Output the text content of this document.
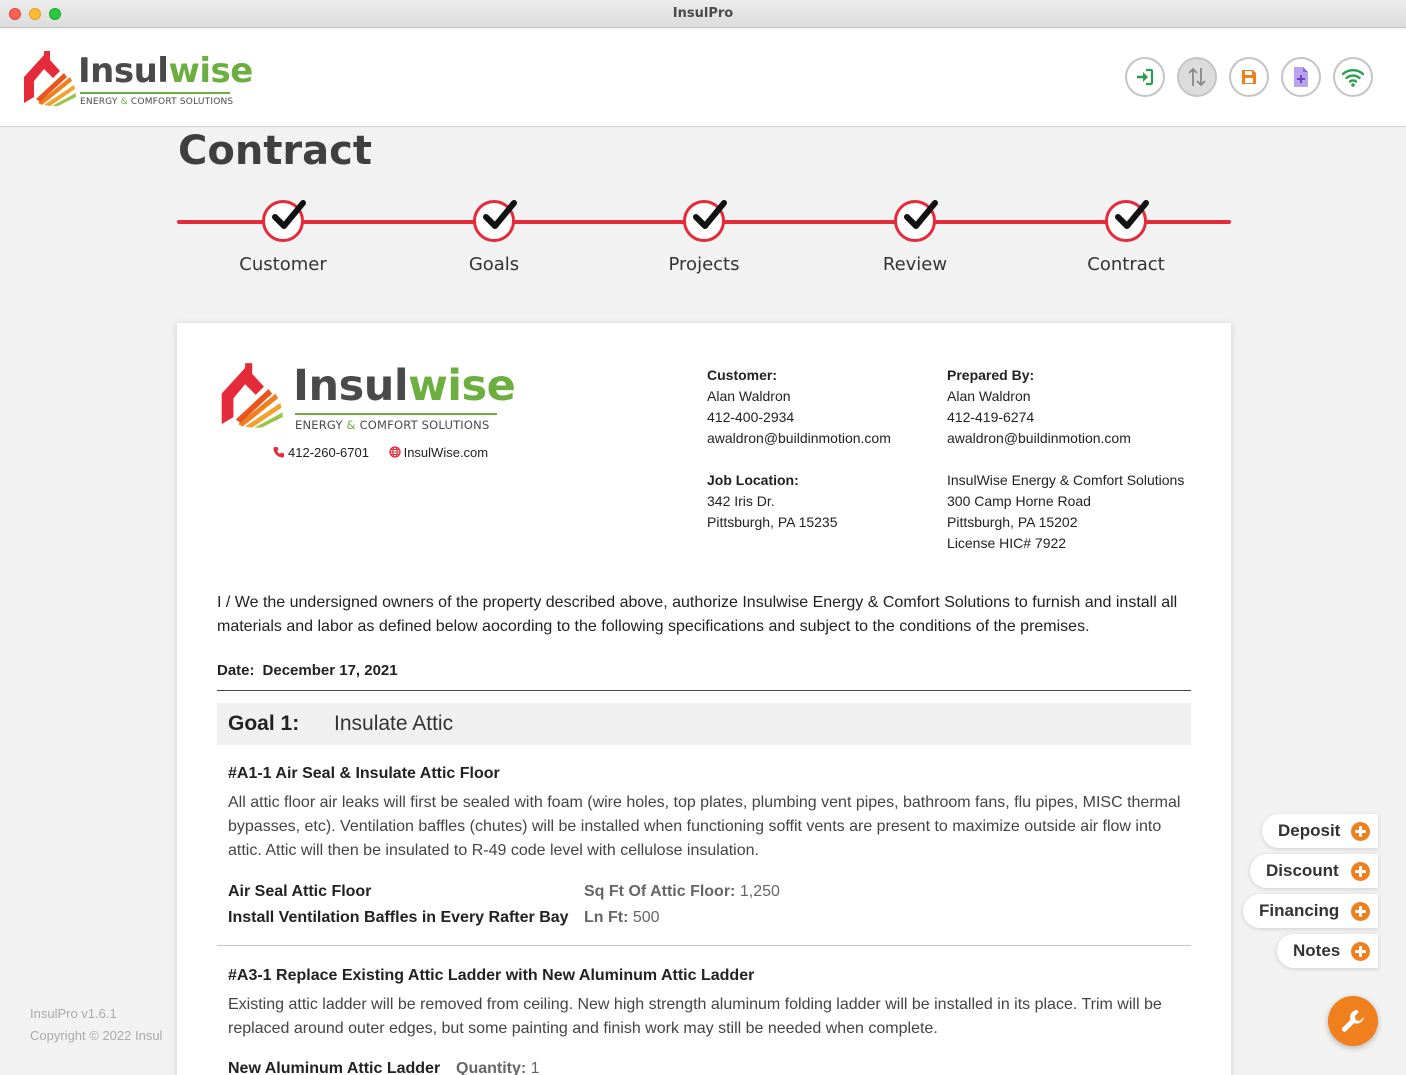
InsulPro
Insulwise
ENERGY & COMFORT SOLUTIONS
Contract
Customer	Goals	Projects	Review	Contract
Insulwise
ENERGY & COMFORT SOLUTIONS
412-260-6701	InsulWise.com
Customer:
Alan Waldron
412-400-2934
awaldron@buildinmotion.com
Job Location:
342 Iris Dr.
Pittsburgh, PA 15235
Prepared By:
Alan Waldron
412-419-6274
awaldron@buildinmotion.com
InsulWise Energy & Comfort Solutions
300 Camp Horne Road
Pittsburgh, PA 15202
License HIC# 7922
I / We the undersigned owners of the property described above, authorize Insulwise Energy & Comfort Solutions to furnish and install all materials and labor as defined below aocording to the following specifications and subject to the conditions of the premises.
Date: December 17, 2021
Goal 1: Insulate Attic
#A1-1 Air Seal & Insulate Attic Floor
All attic floor air leaks will first be sealed with foam (wire holes, top plates, plumbing vent pipes, bathroom fans, flu pipes, MISC thermal bypasses, etc). Ventilation baffles (chutes) will be installed when functioning soffit vents are present to maximize outside air flow into attic. Attic will then be insulated to R-49 code level with cellulose insulation.
Air Seal Attic Floor	Sq Ft Of Attic Floor: 1,250
Install Ventilation Baffles in Every Rafter Bay Ln Ft: 500
#A3-1 Replace Existing Attic Ladder with New Aluminum Attic Ladder
Existing attic ladder will be removed from ceiling. New high strength aluminum folding ladder will be installed in its place. Trim will be replaced around outer edges, but some painting and finish work may still be needed when complete.
New Aluminum Attic Ladder Quantity: 1
InsulPro v1.6.1
Copyright © 2022 Insul
Deposit
Discount
Financing
Notes
